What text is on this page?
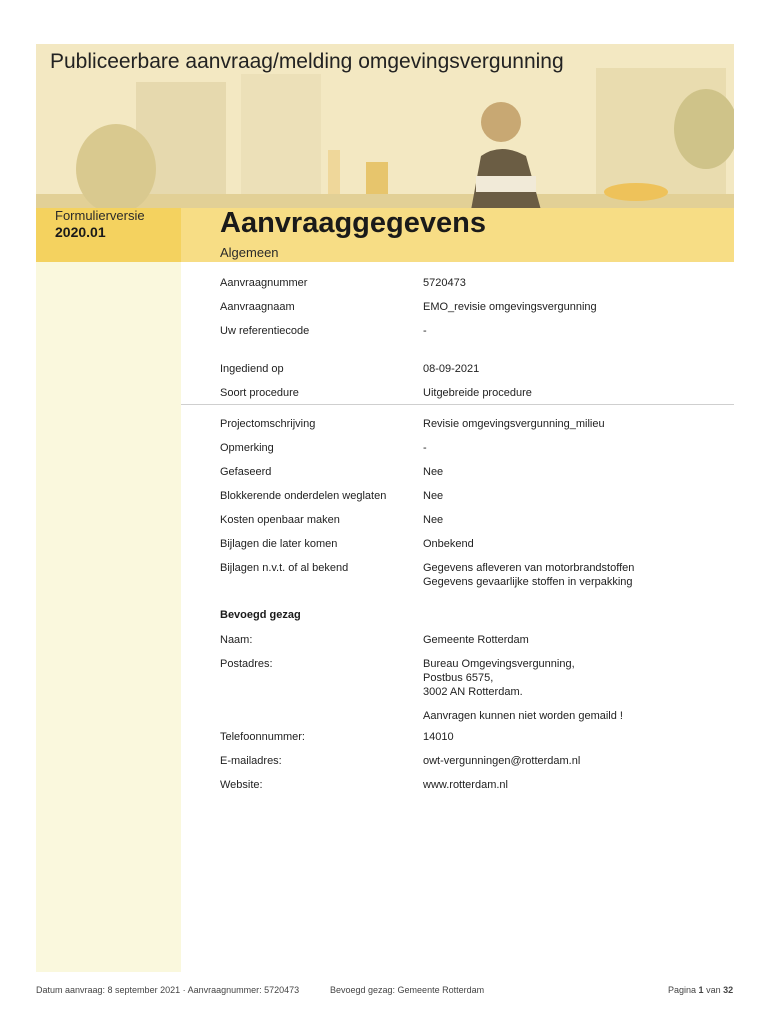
Publiceerbare aanvraag/melding omgevingsvergunning
Formulierversie
2020.01	Aanvraaggegevens
Algemeen
Aanvraagnummer	5720473
Aanvraagnaam	EMO_revisie omgevingsvergunning
Uw referentiecode	-
Ingediend op	08-09-2021
Soort procedure	Uitgebreide procedure
Projectomschrijving	Revisie omgevingsvergunning_milieu
Opmerking	-
Gefaseerd	Nee
Blokkerende onderdelen weglaten	Nee
Kosten openbaar maken	Nee
Bijlagen die later komen	Onbekend
Bijlagen n.v.t. of al bekend	Gegevens afleveren van motorbrandstoffen
Gegevens gevaarlijke stoffen in verpakking
Bevoegd gezag
Naam:	Gemeente Rotterdam
Postadres:	Bureau Omgevingsvergunning,
Postbus 6575,
3002 AN Rotterdam.
Aanvragen kunnen niet worden gemaild !
Telefoonnummer:	14010
E-mailadres:	owt-vergunningen@rotterdam.nl
Website:	www.rotterdam.nl
Datum aanvraag: 8 september 2021 · Aanvraagnummer: 5720473	Bevoegd gezag: Gemeente Rotterdam	Pagina 1 van 32
